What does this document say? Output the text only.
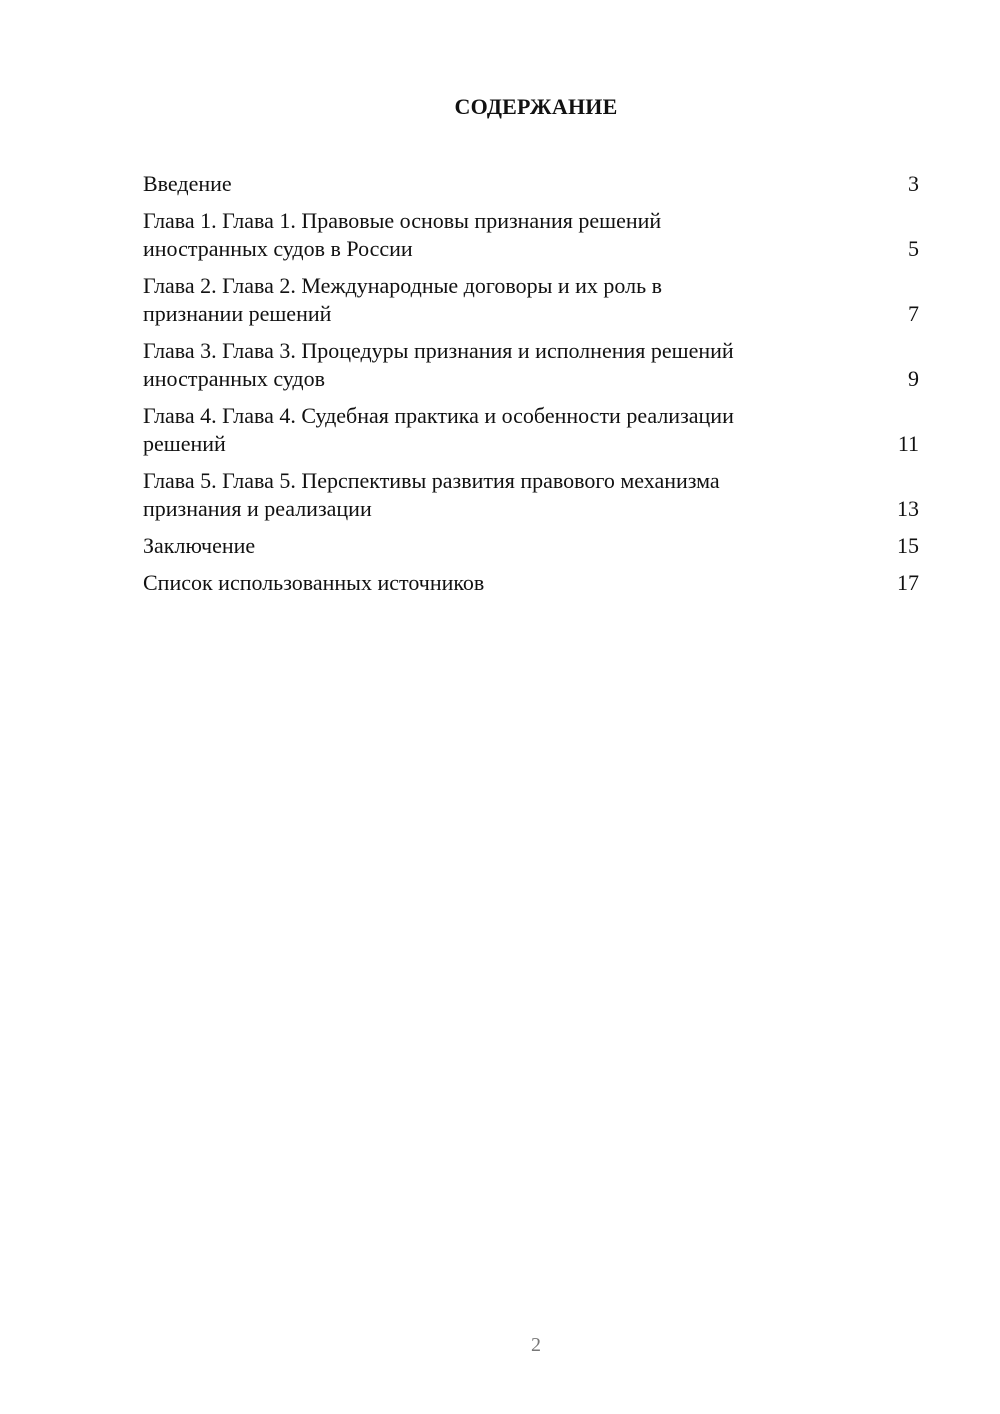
СОДЕРЖАНИЕ
Введение	3
Глава 1. Глава 1. Правовые основы признания решений
иностранных судов в России	5
Глава 2. Глава 2. Международные договоры и их роль в
признании решений	7
Глава 3. Глава 3. Процедуры признания и исполнения решений
иностранных судов	9
Глава 4. Глава 4. Судебная практика и особенности реализации
решений	11
Глава 5. Глава 5. Перспективы развития правового механизма
признания и реализации	13
Заключение	15
Список использованных источников	17
2
